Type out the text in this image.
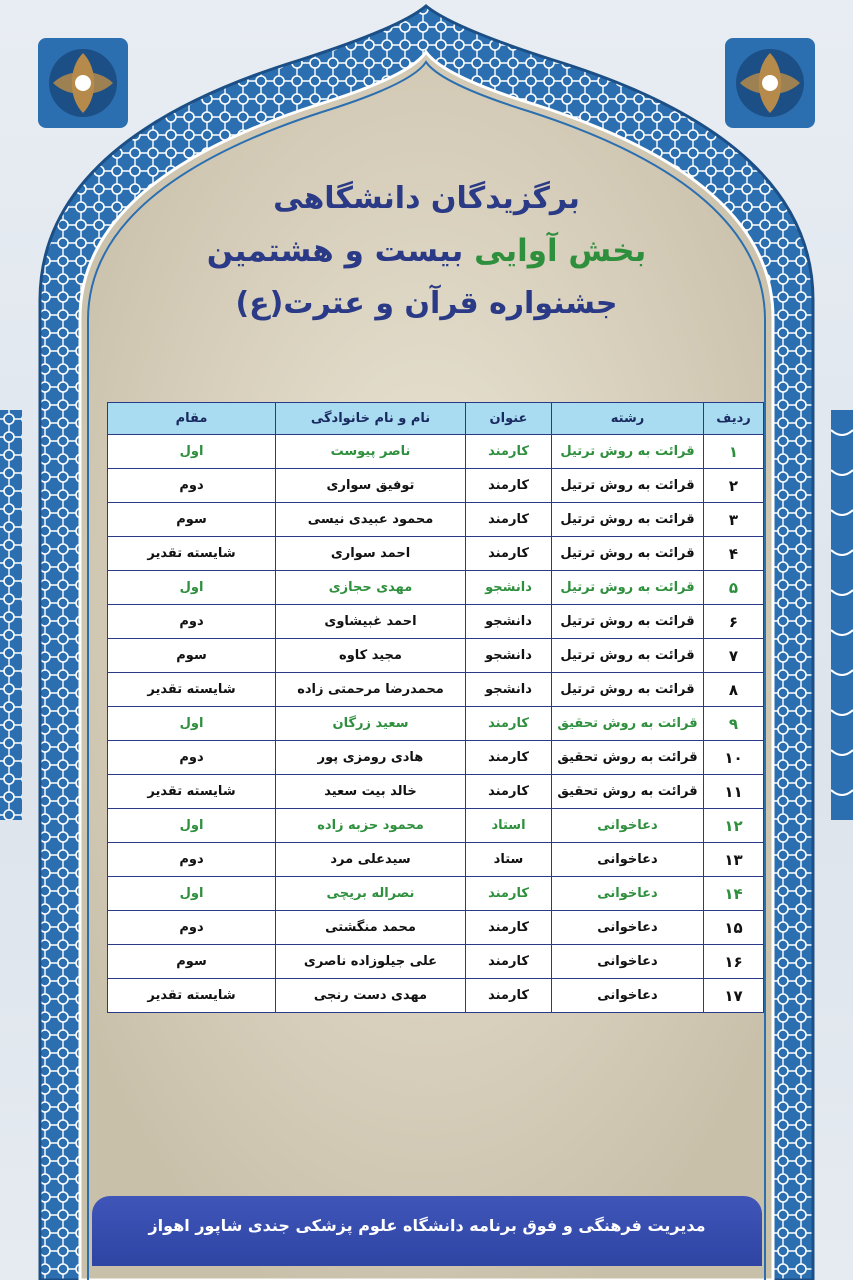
برگزیدگان دانشگاهی
بخش آوایی بیست و هشتمین
جشنواره قرآن و عترت(ع)
ردیف	رشته	عنوان	نام و نام خانوادگی	مقام
۱	قرائت به روش ترتیل	کارمند	ناصر پیوست	اول
۲	قرائت به روش ترتیل	کارمند	توفیق سواری	دوم
۳	قرائت به روش ترتیل	کارمند	محمود عبیدی نیسی	سوم
۴	قرائت به روش ترتیل	کارمند	احمد سواری	شایسته تقدیر
۵	قرائت به روش ترتیل	دانشجو	مهدی حجازی	اول
۶	قرائت به روش ترتیل	دانشجو	احمد غبیشاوی	دوم
۷	قرائت به روش ترتیل	دانشجو	مجید کاوه	سوم
۸	قرائت به روش ترتیل	دانشجو	محمدرضا مرحمتی زاده	شایسته تقدیر
۹	قرائت به روش تحقیق	کارمند	سعید زرگان	اول
۱۰	قرائت به روش تحقیق	کارمند	هادی رومزی پور	دوم
۱۱	قرائت به روش تحقیق	کارمند	خالد بیت سعید	شایسته تقدیر
۱۲	دعاخوانی	استاد	محمود حزبه زاده	اول
۱۳	دعاخوانی	ستاد	سیدعلی مرد	دوم
۱۴	دعاخوانی	کارمند	نصراله بریچی	اول
۱۵	دعاخوانی	کارمند	محمد منگشتی	دوم
۱۶	دعاخوانی	کارمند	علی جیلوزاده ناصری	سوم
۱۷	دعاخوانی	کارمند	مهدی دست رنجی	شایسته تقدیر
مدیریت فرهنگی و فوق برنامه دانشگاه علوم پزشکی جندی شاپور اهواز
